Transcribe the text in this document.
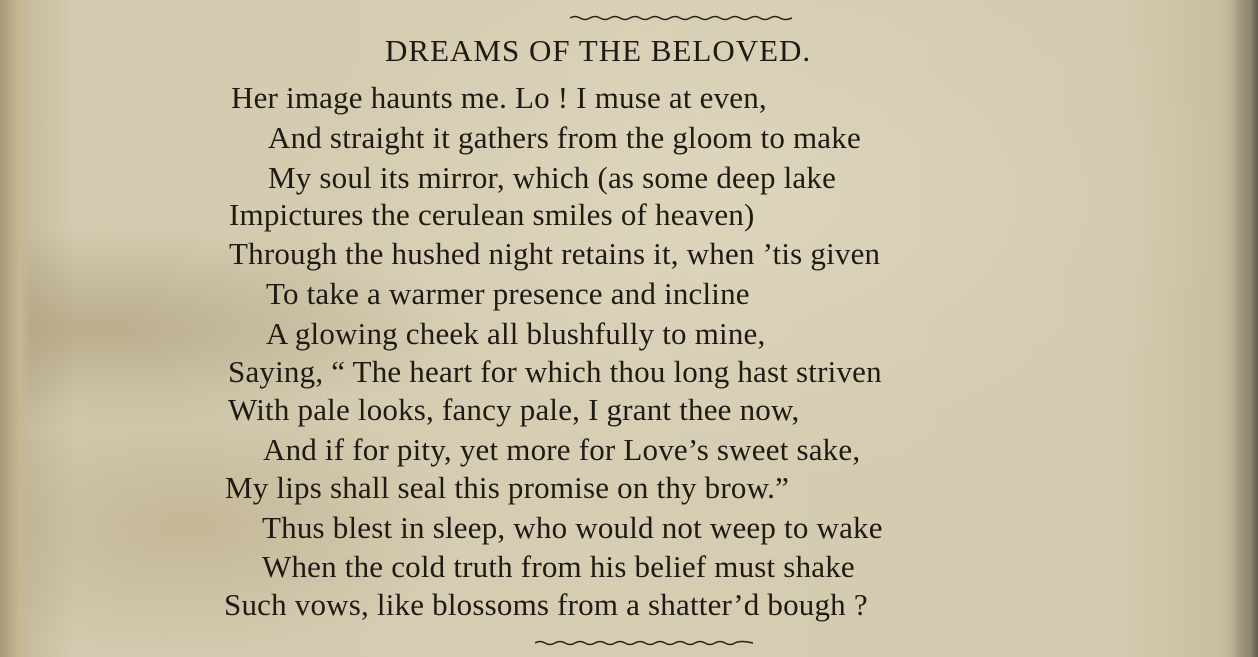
DREAMS OF THE BELOVED.
Her image haunts me. Lo ! I muse at even,
And straight it gathers from the gloom to make
My soul its mirror, which (as some deep lake
Impictures the cerulean smiles of heaven)
Through the hushed night retains it, when ’tis given
To take a warmer presence and incline
A glowing cheek all blushfully to mine,
Saying, “ The heart for which thou long hast striven
With pale looks, fancy pale, I grant thee now,
And if for pity, yet more for Love’s sweet sake,
My lips shall seal this promise on thy brow.”
Thus blest in sleep, who would not weep to wake
When the cold truth from his belief must shake
Such vows, like blossoms from a shatter’d bough ?
